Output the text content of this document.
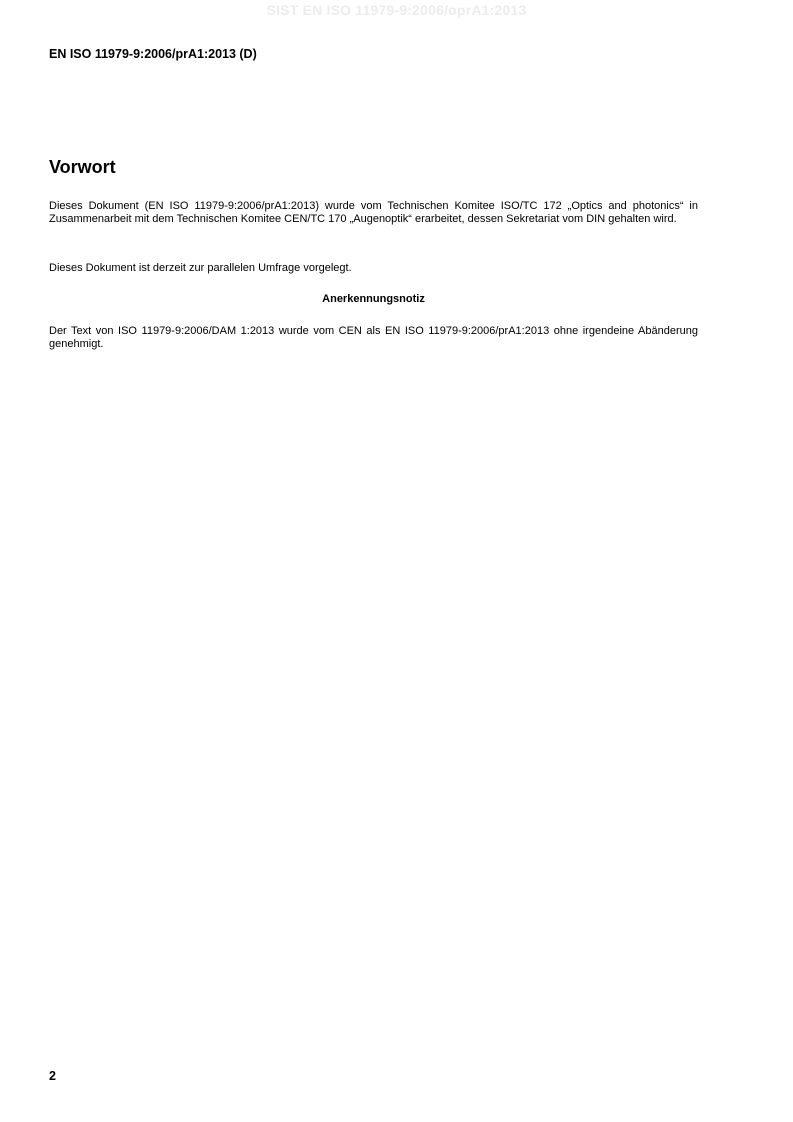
SIST EN ISO 11979-9:2006/oprA1:2013
EN ISO 11979-9:2006/prA1:2013 (D)
Vorwort

Dieses Dokument (EN ISO 11979-9:2006/prA1:2013) wurde vom Technischen Komitee ISO/TC 172 „Optics and photonics“ in Zusammenarbeit mit dem Technischen Komitee CEN/TC 170 „Augenoptik“ erarbeitet, dessen Sekretariat vom DIN gehalten wird.

Dieses Dokument ist derzeit zur parallelen Umfrage vorgelegt.

Anerkennungsnotiz

Der Text von ISO 11979-9:2006/DAM 1:2013 wurde vom CEN als EN ISO 11979-9:2006/prA1:2013 ohne irgendeine Abänderung genehmigt.

2
